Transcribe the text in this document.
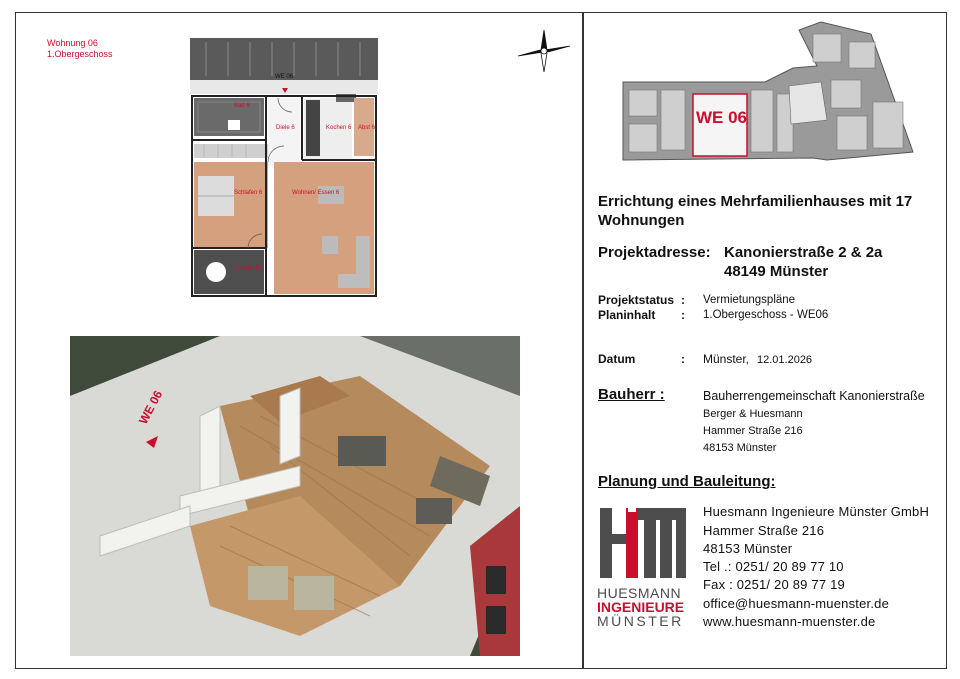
Wohnung 06
1.Obergeschoss
WE 06
Bad 6
Diele 6	Kochen 6 Abst 6
Schlafen 6	Wohnen/ Essen 6
Loggia 6
WE 06
WE 06
Errichtung eines Mehrfamilienhauses mit 17 Wohnungen
Projektadresse: Kanonierstraße 2 & 2a
48149 Münster
Projektstatus : Vermietungspläne
Planinhalt : 1.Obergeschoss - WE06
Datum	: Münster, 12.01.2026
Bauherr :	Bauherrengemeinschaft Kanonierstraße
Berger & Huesmann
Hammer Straße 216
48153 Münster
Planung und Bauleitung:
HUESMANN
INGENIEURE
MÜNSTER
Huesmann Ingenieure Münster GmbH
Hammer Straße 216
48153 Münster
Tel .: 0251/ 20 89 77 10
Fax : 0251/ 20 89 77 19
office@huesmann-muenster.de
www.huesmann-muenster.de
